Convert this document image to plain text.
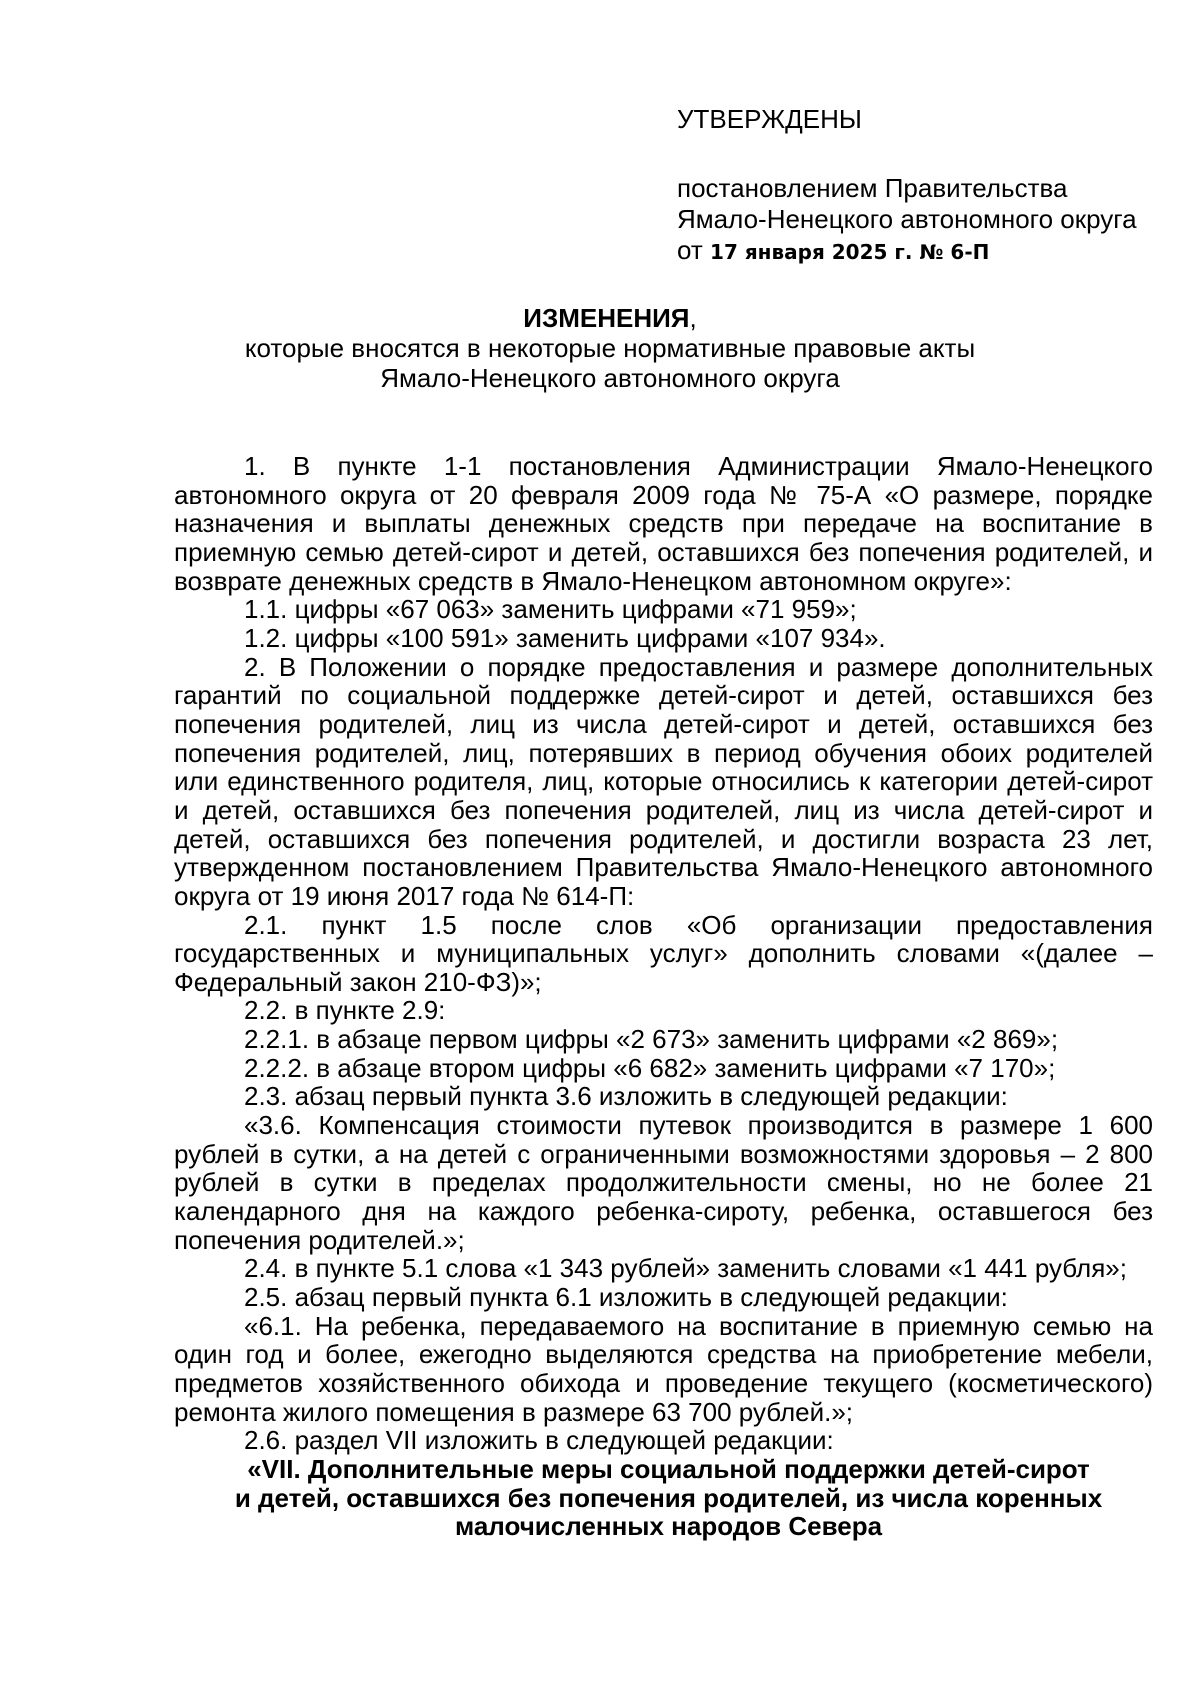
УТВЕРЖДЕНЫ
постановлением Правительства
Ямало-Ненецкого автономного округа
от 17 января 2025 г. № 6-П
ИЗМЕНЕНИЯ,
которые вносятся в некоторые нормативные правовые акты
Ямало-Ненецкого автономного округа

1. В пункте 1-1 постановления Администрации Ямало-Ненецкого автономного округа от 20 февраля 2009 года № 75-А «О размере, порядке назначения и выплаты денежных средств при передаче на воспитание в приемную семью детей-сирот и детей, оставшихся без попечения родителей, и возврате денежных средств в Ямало-Ненецком автономном округе»:

1.1. цифры «67 063» заменить цифрами «71 959»;

1.2. цифры «100 591» заменить цифрами «107 934».

2. В Положении о порядке предоставления и размере дополнительных гарантий по социальной поддержке детей-сирот и детей, оставшихся без попечения родителей, лиц из числа детей-сирот и детей, оставшихся без попечения родителей, лиц, потерявших в период обучения обоих родителей или единственного родителя, лиц, которые относились к категории детей-сирот и детей, оставшихся без попечения родителей, лиц из числа детей-сирот и детей, оставшихся без попечения родителей, и достигли возраста 23 лет, утвержденном постановлением Правительства Ямало-Ненецкого автономного округа от 19 июня 2017 года № 614-П:

2.1. пункт 1.5 после слов «Об организации предоставления государственных и муниципальных услуг» дополнить словами «(далее – Федеральный закон 210-ФЗ)»;

2.2. в пункте 2.9:

2.2.1. в абзаце первом цифры «2 673» заменить цифрами «2 869»;

2.2.2. в абзаце втором цифры «6 682» заменить цифрами «7 170»;

2.3. абзац первый пункта 3.6 изложить в следующей редакции:

«3.6. Компенсация стоимости путевок производится в размере 1 600 рублей в сутки, а на детей с ограниченными возможностями здоровья – 2 800 рублей в сутки в пределах продолжительности смены, но не более 21 календарного дня на каждого ребенка-сироту, ребенка, оставшегося без попечения родителей.»;

2.4. в пункте 5.1 слова «1 343 рублей» заменить словами «1 441 рубля»;

2.5. абзац первый пункта 6.1 изложить в следующей редакции:

«6.1. На ребенка, передаваемого на воспитание в приемную семью на один год и более, ежегодно выделяются средства на приобретение мебели, предметов хозяйственного обихода и проведение текущего (косметического) ремонта жилого помещения в размере 63 700 рублей.»;

2.6. раздел VII изложить в следующей редакции:

«VII. Дополнительные меры социальной поддержки детей-сирот
и детей, оставшихся без попечения родителей, из числа коренных
малочисленных народов Севера
